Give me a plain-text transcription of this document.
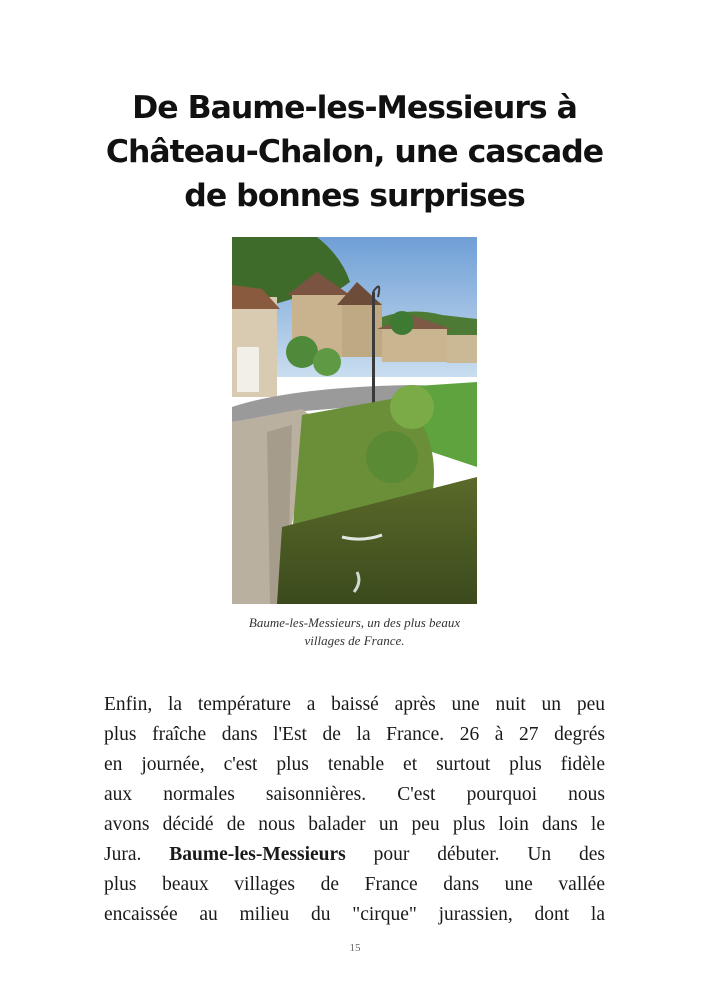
De Baume-les-Messieurs à
Château-Chalon, une cascade
de bonnes surprises
Baume-les-Messieurs, un des plus beaux
villages de France.
Enfin, la température a baissé après une nuit un peu
plus fraîche dans l'Est de la France. 26 à 27 degrés
en journée, c'est plus tenable et surtout plus fidèle
aux normales saisonnières. C'est pourquoi nous
avons décidé de nous balader un peu plus loin dans le
Jura. Baume-les-Messieurs pour débuter. Un des
plus beaux villages de France dans une vallée
encaissée au milieu du "cirque" jurassien, dont la
15
